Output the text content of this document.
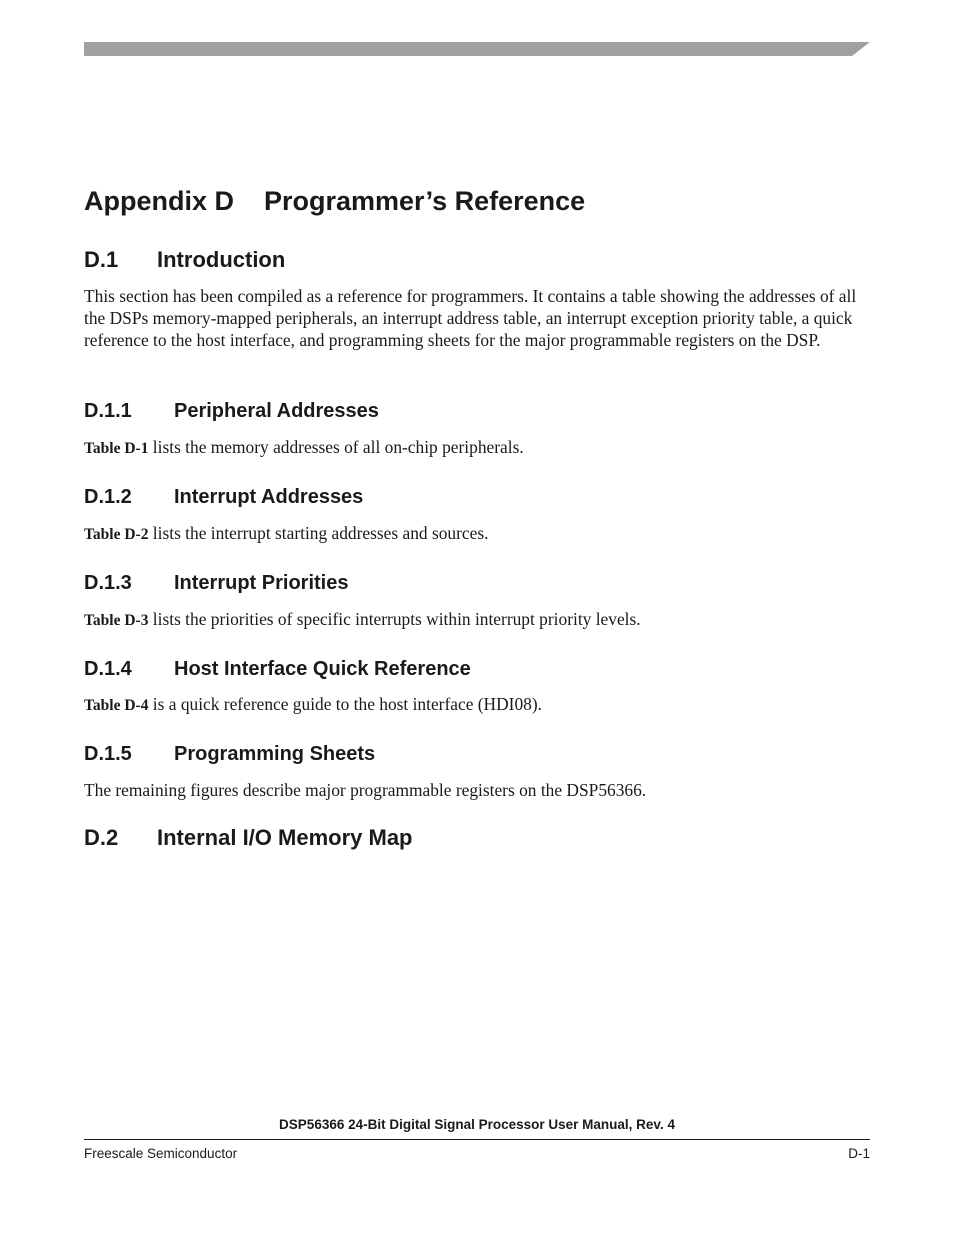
Appendix D Programmer’s Reference
D.1 Introduction
This section has been compiled as a reference for programmers. It contains a table showing the addresses of all the DSPs memory-mapped peripherals, an interrupt address table, an interrupt exception priority table, a quick reference to the host interface, and programming sheets for the major programmable registers on the DSP.
D.1.1 Peripheral Addresses
Table D-1 lists the memory addresses of all on-chip peripherals.
D.1.2 Interrupt Addresses
Table D-2 lists the interrupt starting addresses and sources.
D.1.3 Interrupt Priorities
Table D-3 lists the priorities of specific interrupts within interrupt priority levels.
D.1.4 Host Interface Quick Reference
Table D-4 is a quick reference guide to the host interface (HDI08).
D.1.5 Programming Sheets
The remaining figures describe major programmable registers on the DSP56366.
D.2 Internal I/O Memory Map
DSP56366 24-Bit Digital Signal Processor User Manual, Rev. 4
Freescale Semiconductor	D-1
